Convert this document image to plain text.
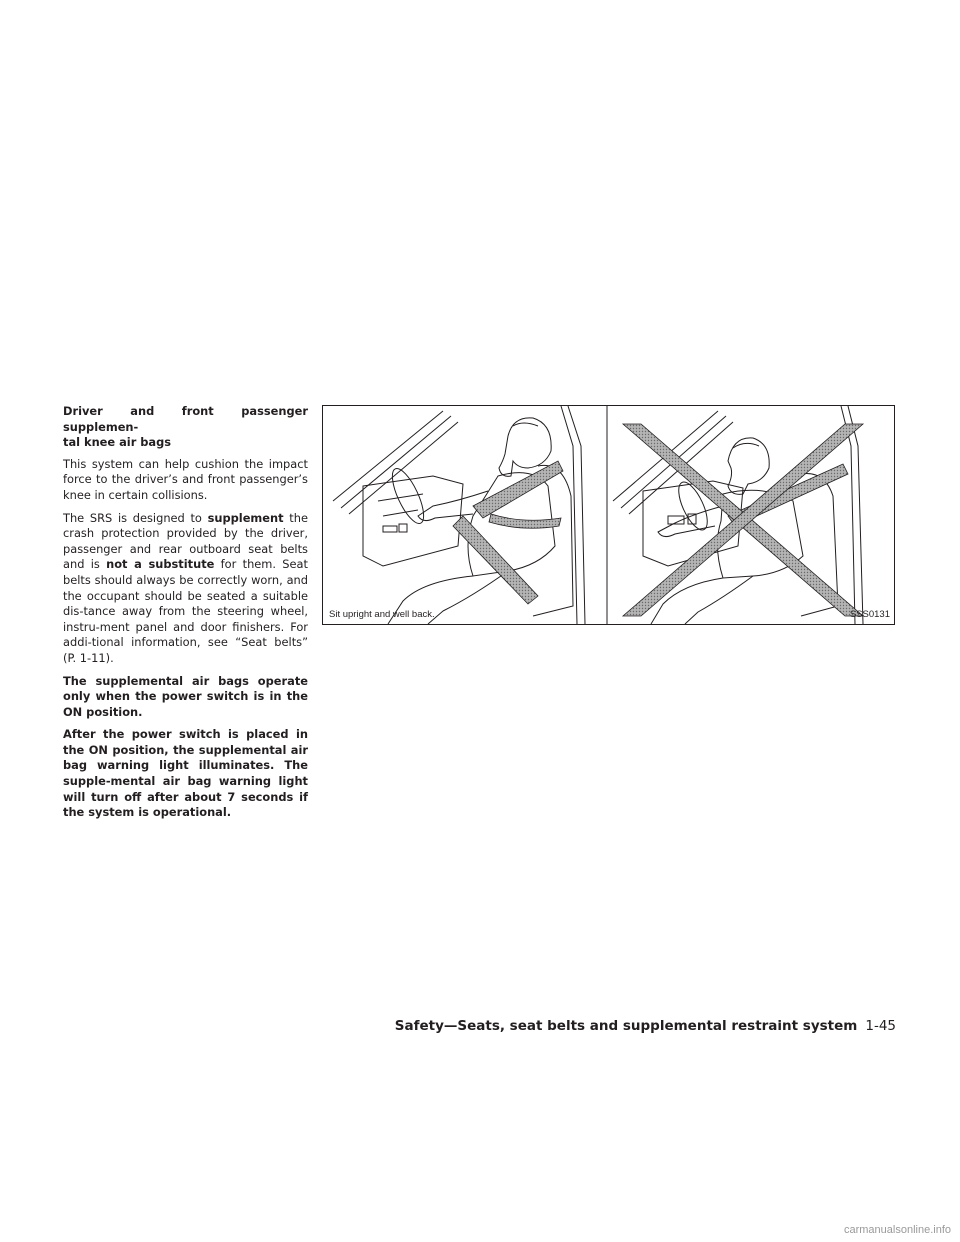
Driver and front passenger supplemen‑
tal knee air bags

This system can help cushion the impact force to the driver’s and front passenger’s knee in certain collisions.

The SRS is designed to supplement the crash protection provided by the driver, passenger and rear outboard seat belts and is not a substitute for them. Seat belts should always be correctly worn, and the occupant should be seated a suitable dis‑tance away from the steering wheel, instru‑ment panel and door finishers. For addi‑tional information, see “Seat belts” (P. 1‑11).

The supplemental air bags operate only when the power switch is in the ON position.

After the power switch is placed in the ON position, the supplemental air bag warning light illuminates. The supple‑mental air bag warning light will turn off after about 7 seconds if the system is operational.

Sit upright and well back.	SSS0131
Safety—Seats, seat belts and supplemental restraint system 1-45
carmanualsonline.info
